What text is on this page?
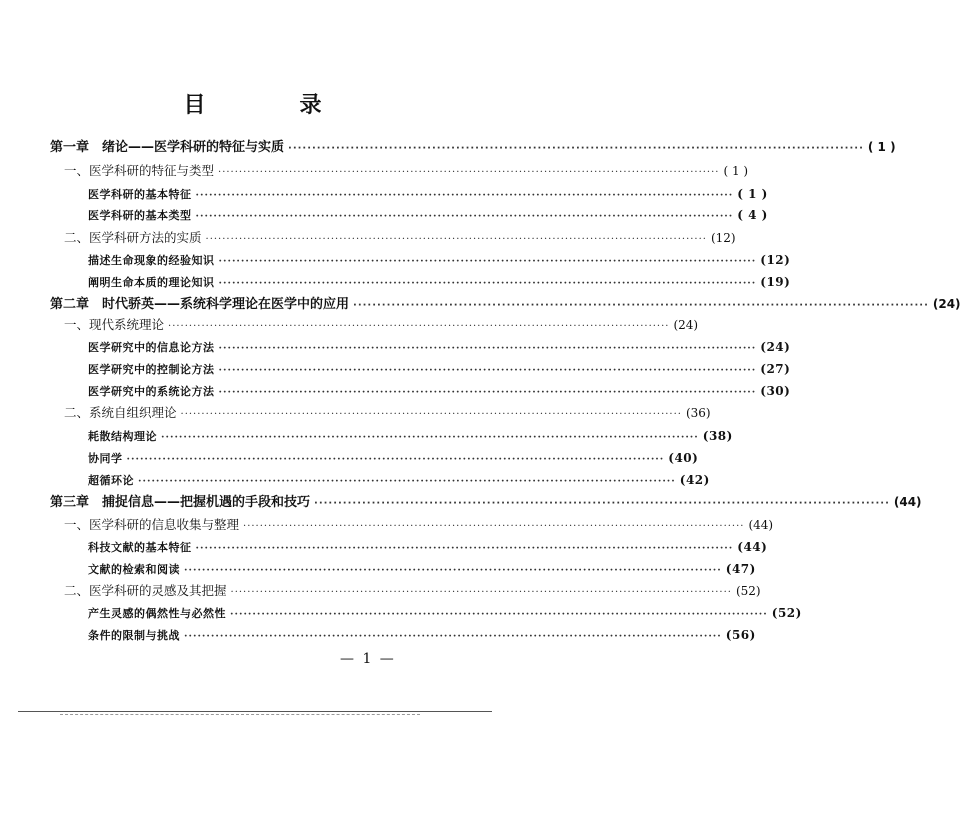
目　录
第一章　绪论——医学科研的特征与实质 ························································································································ ( 1 )
一、医学科研的特征与类型 ························································································································ ( 1 )
医学科研的基本特征 ························································································································ ( 1 )
医学科研的基本类型 ························································································································ ( 4 )
二、医学科研方法的实质 ························································································································ (12)
描述生命现象的经验知识 ························································································································ (12)
阐明生命本质的理论知识 ························································································································ (19)
第二章　时代骄英——系统科学理论在医学中的应用 ························································································································ (24)
一、现代系统理论 ························································································································ (24)
医学研究中的信息论方法 ························································································································ (24)
医学研究中的控制论方法 ························································································································ (27)
医学研究中的系统论方法 ························································································································ (30)
二、系统自组织理论 ························································································································ (36)
耗散结构理论 ························································································································ (38)
协同学 ························································································································ (40)
超循环论 ························································································································ (42)
第三章　捕捉信息——把握机遇的手段和技巧 ························································································································ (44)
一、医学科研的信息收集与整理 ························································································································ (44)
科技文献的基本特征 ························································································································ (44)
文献的检索和阅读 ························································································································ (47)
二、医学科研的灵感及其把握 ························································································································ (52)
产生灵感的偶然性与必然性 ························································································································ (52)
条件的限制与挑战 ························································································································ (56)
— 1 —
